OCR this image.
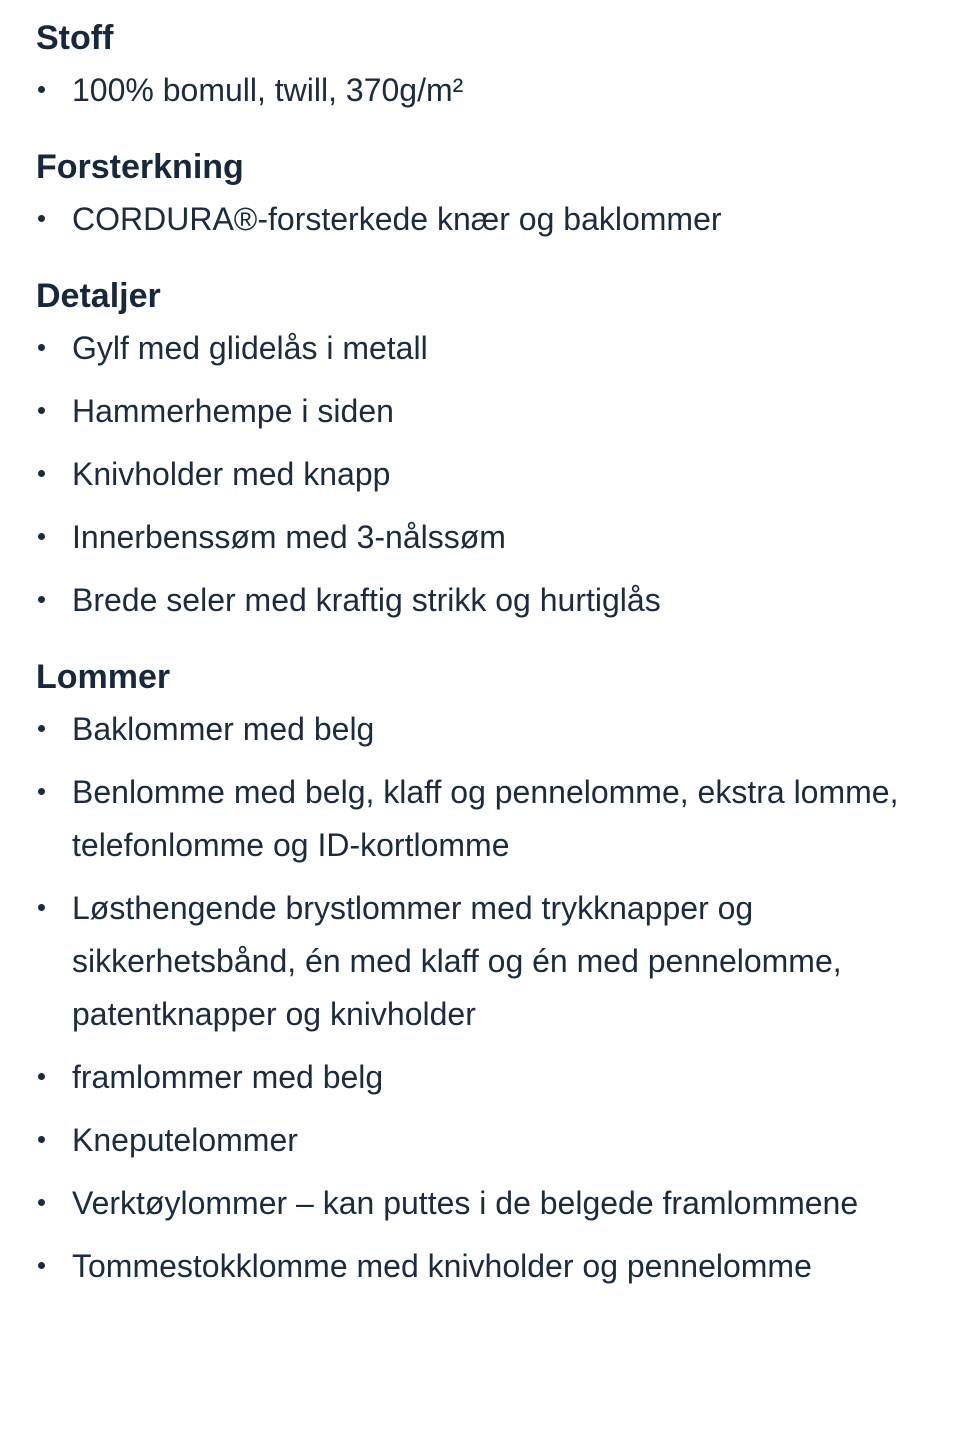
Stoff
100% bomull, twill, 370g/m²
Forsterkning
CORDURA®-forsterkede knær og baklommer
Detaljer
Gylf med glidelås i metall
Hammerhempe i siden
Knivholder med knapp
Innerbenssøm med 3-nålssøm
Brede seler med kraftig strikk og hurtiglås
Lommer
Baklommer med belg
Benlomme med belg, klaff og pennelomme, ekstra lomme, telefonlomme og ID-kortlomme
Løsthengende brystlommer med trykknapper og sikkerhetsbånd, én med klaff og én med pennelomme, patentknapper og knivholder
framlommer med belg
Kneputelommer
Verktøylommer – kan puttes i de belgede framlommene
Tommestokklomme med knivholder og pennelomme
